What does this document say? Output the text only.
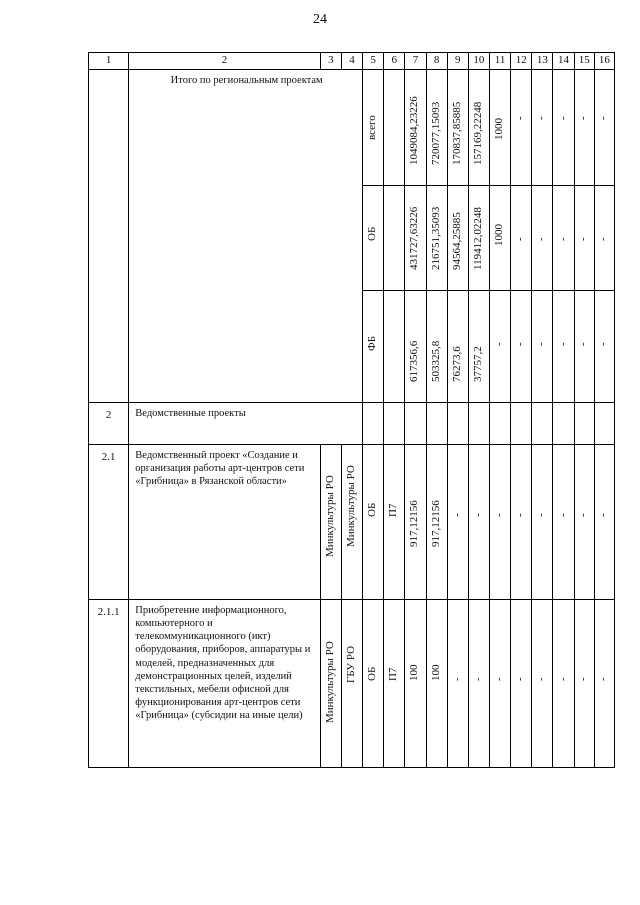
24
1	2	3	4	5	6	7	8	9	10	11	12	13	14	15	16
	Итого по региональным проектам			всего		1049084,23226	720077,15093	170837,85885	157169,22248	1000	-	-	-	-	-

				ОБ		431727,63226	216751,35093	94564,25885	119412,02248	1000	-	-	-	-	-

				ФБ		617356,6	503325,8	76273,6	37757,2	-	-	-	-	-	-

2	Ведомственные проекты														
2.1	Ведомственный проект «Создание и организация работы арт-центров сети «Грибница» в Рязанской области»	Минкультуры РО	Минкультуры РО	ОБ	П7	917,12156	917,12156	-	-	-	-	-	-	-	-

2.1.1	Приобретение информационного, компьютерного и телекоммуникационного (икт) оборудования, приборов, аппаратуры и моделей, предназначенных для демонстрационных целей, изделий текстильных, мебели офисной для функционирования арт-центров сети «Грибница» (субсидии на иные цели)	Минкультуры РО	ГБУ РО	ОБ	П7	100	100	-	-	-	-	-	-	-	-
